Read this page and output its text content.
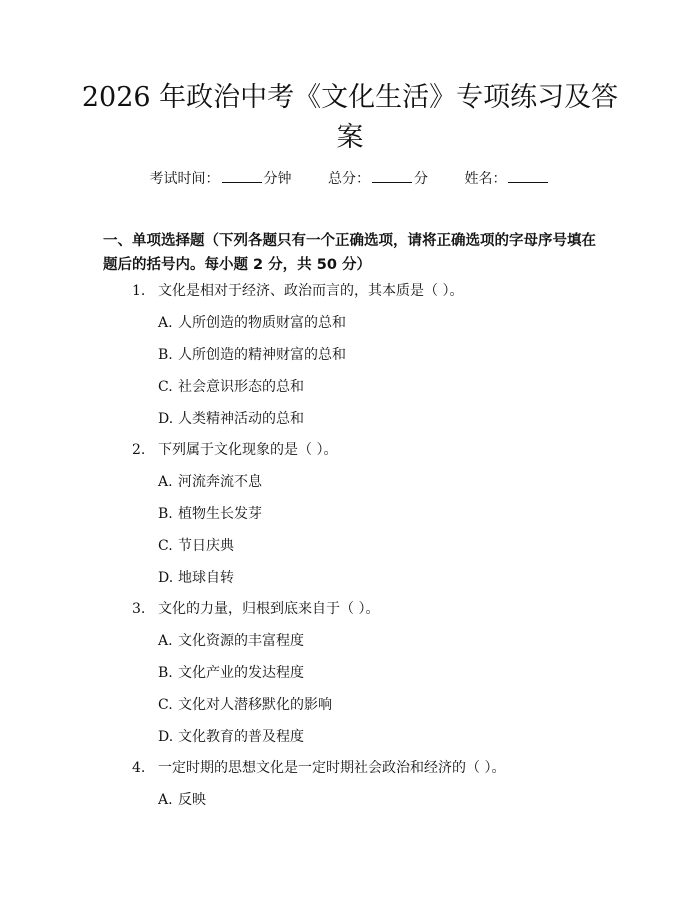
2026 年政治中考《文化生活》专项练习及答
案
考试时间：	分钟	总分：	分	姓名：
一、单项选择题（下列各题只有一个正确选项，请将正确选项的字母序号填在题后的括号内。每小题 2 分，共 50 分）
1. 文化是相对于经济、政治而言的，其本质是（ ）。
A. 人所创造的物质财富的总和
B. 人所创造的精神财富的总和
C. 社会意识形态的总和
D. 人类精神活动的总和
2. 下列属于文化现象的是（ ）。
A. 河流奔流不息
B. 植物生长发芽
C. 节日庆典
D. 地球自转
3. 文化的力量，归根到底来自于（ ）。
A. 文化资源的丰富程度
B. 文化产业的发达程度
C. 文化对人潜移默化的影响
D. 文化教育的普及程度
4. 一定时期的思想文化是一定时期社会政治和经济的（ ）。
A. 反映
